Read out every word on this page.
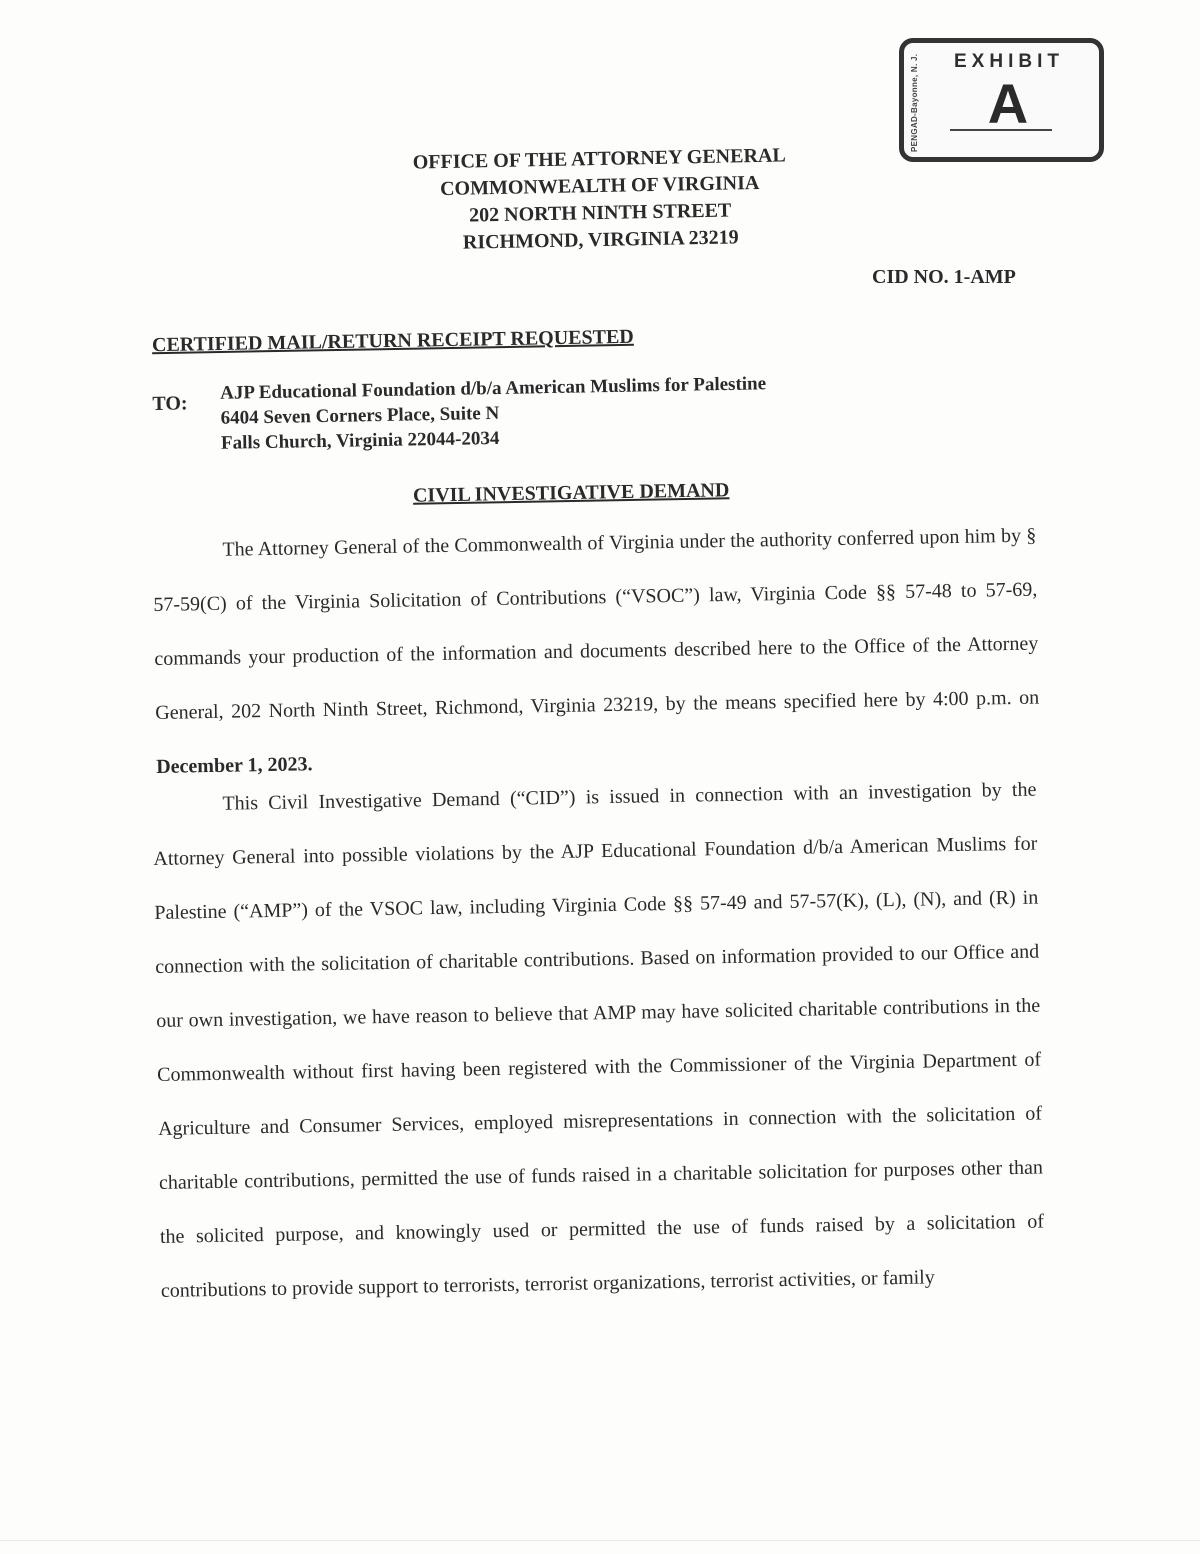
PENGAD-Bayonne, N. J.	EXHIBIT
A
OFFICE OF THE ATTORNEY GENERAL
COMMONWEALTH OF VIRGINIA
202 NORTH NINTH STREET
RICHMOND, VIRGINIA 23219
CID NO. 1-AMP
CERTIFIED MAIL/RETURN RECEIPT REQUESTED
TO: AJP Educational Foundation d/b/a American Muslims for Palestine
6404 Seven Corners Place, Suite N
Falls Church, Virginia 22044-2034
CIVIL INVESTIGATIVE DEMAND

The Attorney General of the Commonwealth of Virginia under the authority conferred upon him by § 57-59(C) of the Virginia Solicitation of Contributions (“VSOC”) law, Virginia Code §§ 57-48 to 57-69, commands your production of the information and documents described here to the Office of the Attorney General, 202 North Ninth Street, Richmond, Virginia 23219, by the means specified here by 4:00 p.m. on December 1, 2023.

This Civil Investigative Demand (“CID”) is issued in connection with an investigation by the Attorney General into possible violations by the AJP Educational Foundation d/b/a American Muslims for Palestine (“AMP”) of the VSOC law, including Virginia Code §§ 57-49 and 57-57(K), (L), (N), and (R) in connection with the solicitation of charitable contributions. Based on information provided to our Office and our own investigation, we have reason to believe that AMP may have solicited charitable contributions in the Commonwealth without first having been registered with the Commissioner of the Virginia Department of Agriculture and Consumer Services, employed misrepresentations in connection with the solicitation of charitable contributions, permitted the use of funds raised in a charitable solicitation for purposes other than the solicited purpose, and knowingly used or permitted the use of funds raised by a solicitation of contributions to provide support to terrorists, terrorist organizations, terrorist activities, or family
